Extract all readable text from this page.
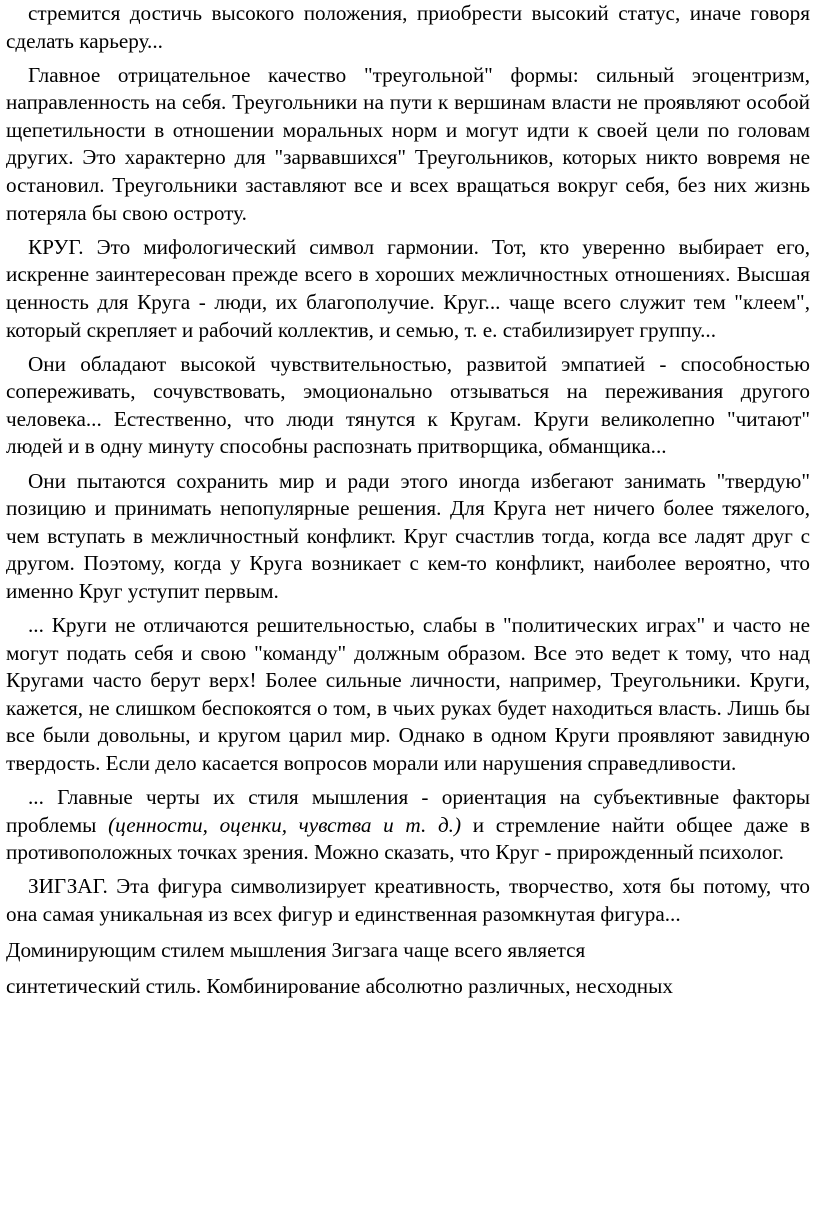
стремится достичь высокого положения, приобрести высокий статус, иначе говоря сделать карьеру...

Главное отрицательное качество "треугольной" формы: сильный эгоцентризм, направленность на себя. Треугольники на пути к вершинам власти не проявляют особой щепетильности в отношении моральных норм и могут идти к своей цели по головам других. Это характерно для "зарвавшихся" Треугольников, которых никто вовремя не остановил. Треугольники заставляют все и всех вращаться вокруг себя, без них жизнь потеряла бы свою остроту.

КРУГ. Это мифологический символ гармонии. Тот, кто уверенно выбирает его, искренне заинтересован прежде всего в хороших межличностных отношениях. Высшая ценность для Круга - люди, их благополучие. Круг... чаще всего служит тем "клеем", который скрепляет и рабочий коллектив, и семью, т. е. стабилизирует группу...

Они обладают высокой чувствительностью, развитой эмпатией - способностью сопереживать, сочувствовать, эмоционально отзываться на переживания другого человека... Естественно, что люди тянутся к Кругам. Круги великолепно "читают" людей и в одну минуту способны распознать притворщика, обманщика...

Они пытаются сохранить мир и ради этого иногда избегают занимать "твердую" позицию и принимать непопулярные решения. Для Круга нет ничего более тяжелого, чем вступать в межличностный конфликт. Круг счастлив тогда, когда все ладят друг с другом. Поэтому, когда у Круга возникает с кем-то конфликт, наиболее вероятно, что именно Круг уступит первым.

... Круги не отличаются решительностью, слабы в "политических играх" и часто не могут подать себя и свою "команду" должным образом. Все это ведет к тому, что над Кругами часто берут верх! Более сильные личности, например, Треугольники. Круги, кажется, не слишком беспокоятся о том, в чьих руках будет находиться власть. Лишь бы все были довольны, и кругом царил мир. Однако в одном Круги проявляют завидную твердость. Если дело касается вопросов морали или нарушения справедливости.

... Главные черты их стиля мышления - ориентация на субъективные факторы проблемы (ценности, оценки, чувства и т. д.) и стремление найти общее даже в противоположных точках зрения. Можно сказать, что Круг - прирожденный психолог.

ЗИГЗАГ. Эта фигура символизирует креативность, творчество, хотя бы потому, что она самая уникальная из всех фигур и единственная разомкнутая фигура...

Доминирующим стилем мышления Зигзага чаще всего является

синтетический стиль. Комбинирование абсолютно различных, несходных
